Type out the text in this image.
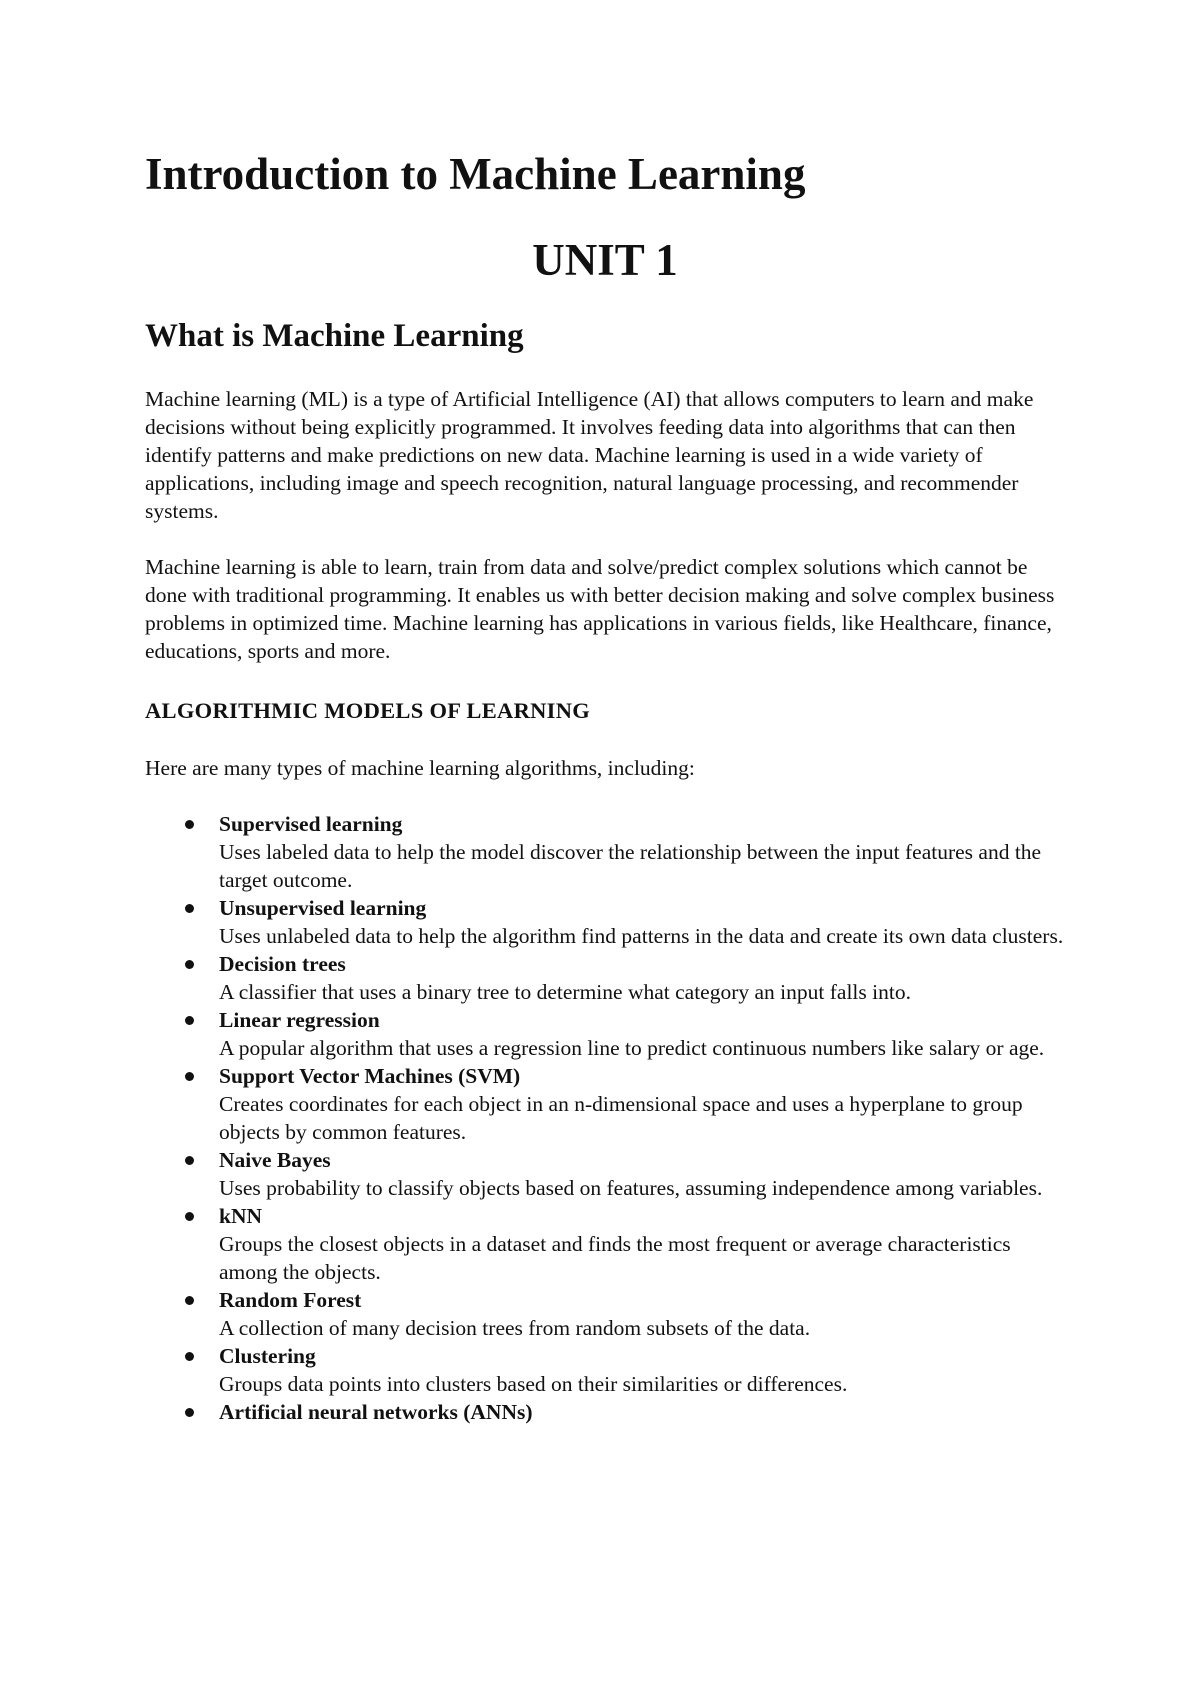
Introduction to Machine Learning
UNIT 1
What is Machine Learning

Machine learning (ML) is a type of Artificial Intelligence (AI) that allows computers to learn and make decisions without being explicitly programmed. It involves feeding data into algorithms that can then identify patterns and make predictions on new data. Machine learning is used in a wide variety of applications, including image and speech recognition, natural language processing, and recommender systems.

Machine learning is able to learn, train from data and solve/predict complex solutions which cannot be done with traditional programming. It enables us with better decision making and solve complex business problems in optimized time. Machine learning has applications in various fields, like Healthcare, finance, educations, sports and more.

ALGORITHMIC MODELS OF LEARNING

Here are many types of machine learning algorithms, including:

Supervised learning
Uses labeled data to help the model discover the relationship between the input features and the target outcome.
Unsupervised learning
Uses unlabeled data to help the algorithm find patterns in the data and create its own data clusters.
Decision trees
A classifier that uses a binary tree to determine what category an input falls into.
Linear regression
A popular algorithm that uses a regression line to predict continuous numbers like salary or age.
Support Vector Machines (SVM)
Creates coordinates for each object in an n-dimensional space and uses a hyperplane to group objects by common features.
Naive Bayes
Uses probability to classify objects based on features, assuming independence among variables.
kNN
Groups the closest objects in a dataset and finds the most frequent or average characteristics among the objects.
Random Forest
A collection of many decision trees from random subsets of the data.
Clustering
Groups data points into clusters based on their similarities or differences.
Artificial neural networks (ANNs)
